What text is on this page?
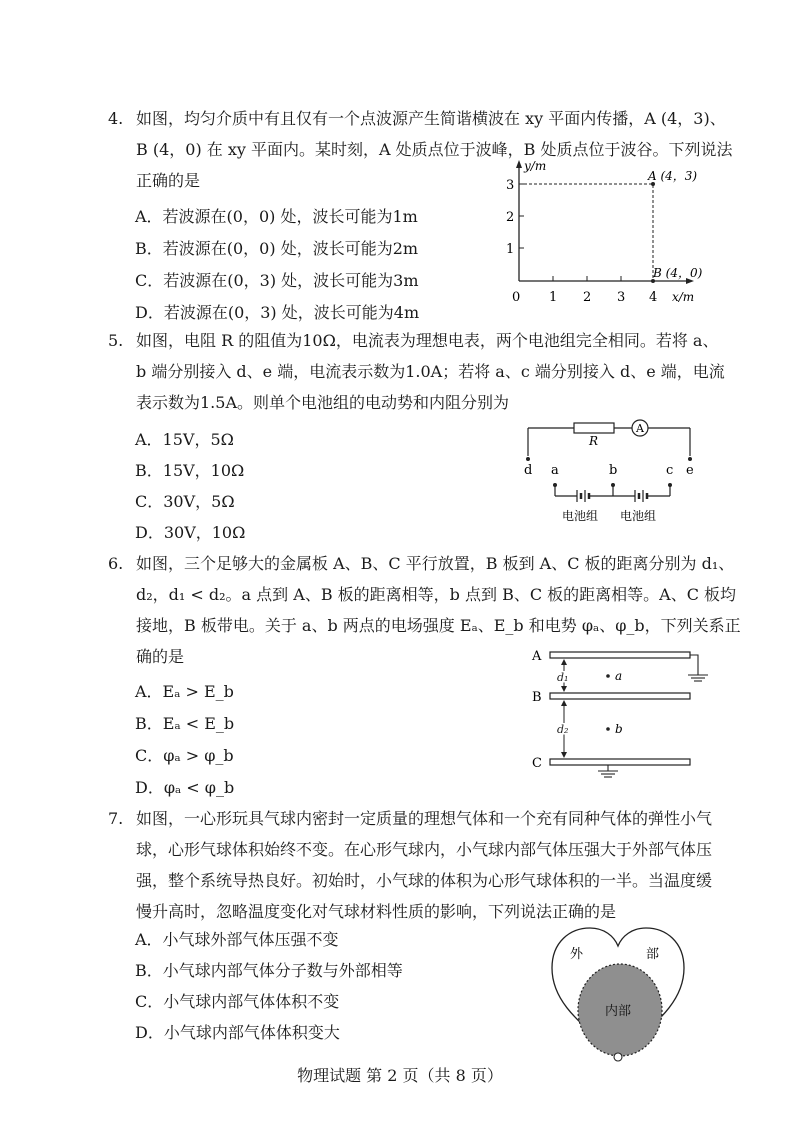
4. 如图，均匀介质中有且仅有一个点波源产生简谐横波在 xy 平面内传播，A (4，3)、
B (4，0) 在 xy 平面内。某时刻，A 处质点位于波峰，B 处质点位于波谷。下列说法
正确的是
A．若波源在(0，0) 处，波长可能为1m
B．若波源在(0，0) 处，波长可能为2m
C．若波源在(0，3) 处，波长可能为3m
D．若波源在(0，3) 处，波长可能为4m
y/m
x/m
0 1 2 3 4
1
2
3
A (4，3)
B (4，0)
5. 如图，电阻 R 的阻值为10Ω，电流表为理想电表，两个电池组完全相同。若将 a、
b 端分别接入 d、e 端，电流表示数为1.0A；若将 a、c 端分别接入 d、e 端，电流
表示数为1.5A。则单个电池组的电动势和内阻分别为
A．15V，5Ω
B．15V，10Ω
C．30V，5Ω
D．30V，10Ω
R
A
d a	b	c e
电池组 电池组
6. 如图，三个足够大的金属板 A、B、C 平行放置，B 板到 A、C 板的距离分别为 d₁、
d₂，d₁ < d₂。a 点到 A、B 板的距离相等，b 点到 B、C 板的距离相等。A、C 板均
接地，B 板带电。关于 a、b 两点的电场强度 Eₐ、E_b 和电势 φₐ、φ_b，下列关系正
确的是
A．Eₐ > E_b
B．Eₐ < E_b
C．φₐ > φ_b
D．φₐ < φ_b
A
B
C
d₁
d₂
a
b
7. 如图，一心形玩具气球内密封一定质量的理想气体和一个充有同种气体的弹性小气
球，心形气球体积始终不变。在心形气球内，小气球内部气体压强大于外部气体压
强，整个系统导热良好。初始时，小气球的体积为心形气球体积的一半。当温度缓
慢升高时，忽略温度变化对气球材料性质的影响，下列说法正确的是
A．小气球外部气体压强不变
B．小气球内部气体分子数与外部相等
C．小气球内部气体体积不变
D．小气球内部气体体积变大
外	部
内部
物理试题 第 2 页（共 8 页）
